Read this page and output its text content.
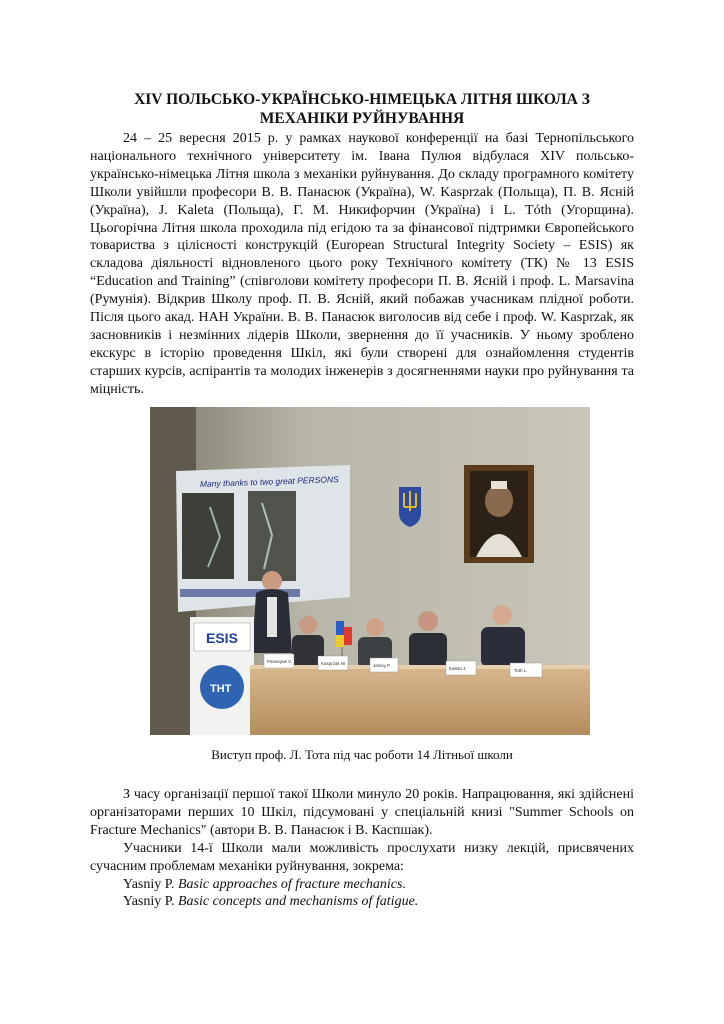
XIV ПОЛЬСЬКО-УКРАЇНСЬКО-НІМЕЦЬКА ЛІТНЯ ШКОЛА З МЕХАНІКИ РУЙНУВАННЯ

24 – 25 вересня 2015 р. у рамках наукової конференції на базі Тернопільського національного технічного університету ім. Івана Пулюя відбулася XIV польсько-українсько-німецька Літня школа з механіки руйнування. До складу програмного комітету Школи увійшли професори В. В. Панасюк (Україна), W. Kasprzak (Польща), П. В. Ясній (Україна), J. Kaleta (Польща), Г. М. Никифорчин (Україна) і L. Tóth (Угорщина). Цьогорічна Літня школа проходила під егідою та за фінансової підтримки Європейського товариства з цілісності конструкцій (European Structural Integrity Society – ESIS) як складова діяльності відновленого цього року Технічного комітету (ТК) № 13 ESIS “Education and Training” (співголови комітету професори П. В. Ясній і проф. L. Marsavina (Румунія). Відкрив Школу проф. П. В. Ясній, який побажав учасникам плідної роботи. Після цього акад. НАН України. В. В. Панасюк виголосив від себе і проф. W. Kasprzak, як засновників і незмінних лідерів Школи, звернення до її учасників. У ньому зроблено екскурс в історію проведення Шкіл, які були створені для ознайомлення студентів старших курсів, аспірантів та молодих інженерів з досягненнями науки про руйнування та міцність.

Many thanks to two great PERSONS
ESIS
ТНТ
Panasyuk V.	Kasprzak W.	Jasniy P.
Kaleta J.	Toth L.

Виступ проф. Л. Тота під час роботи 14 Літньої школи

З часу організації першої такої Школи минуло 20 років. Напрацювання, які здійснені організаторами перших 10 Шкіл, підсумовані у спеціальній книзі "Summer Schools on Fracture Mechanics" (автори В. В. Панасюк і В. Каспшак).

Учасники 14-ї Школи мали можливість прослухати низку лекцій, присвячених сучасним проблемам механіки руйнування, зокрема:

Yasniy P. Basic approaches of fracture mechanics.

Yasniy P. Basic concepts and mechanisms of fatigue.
